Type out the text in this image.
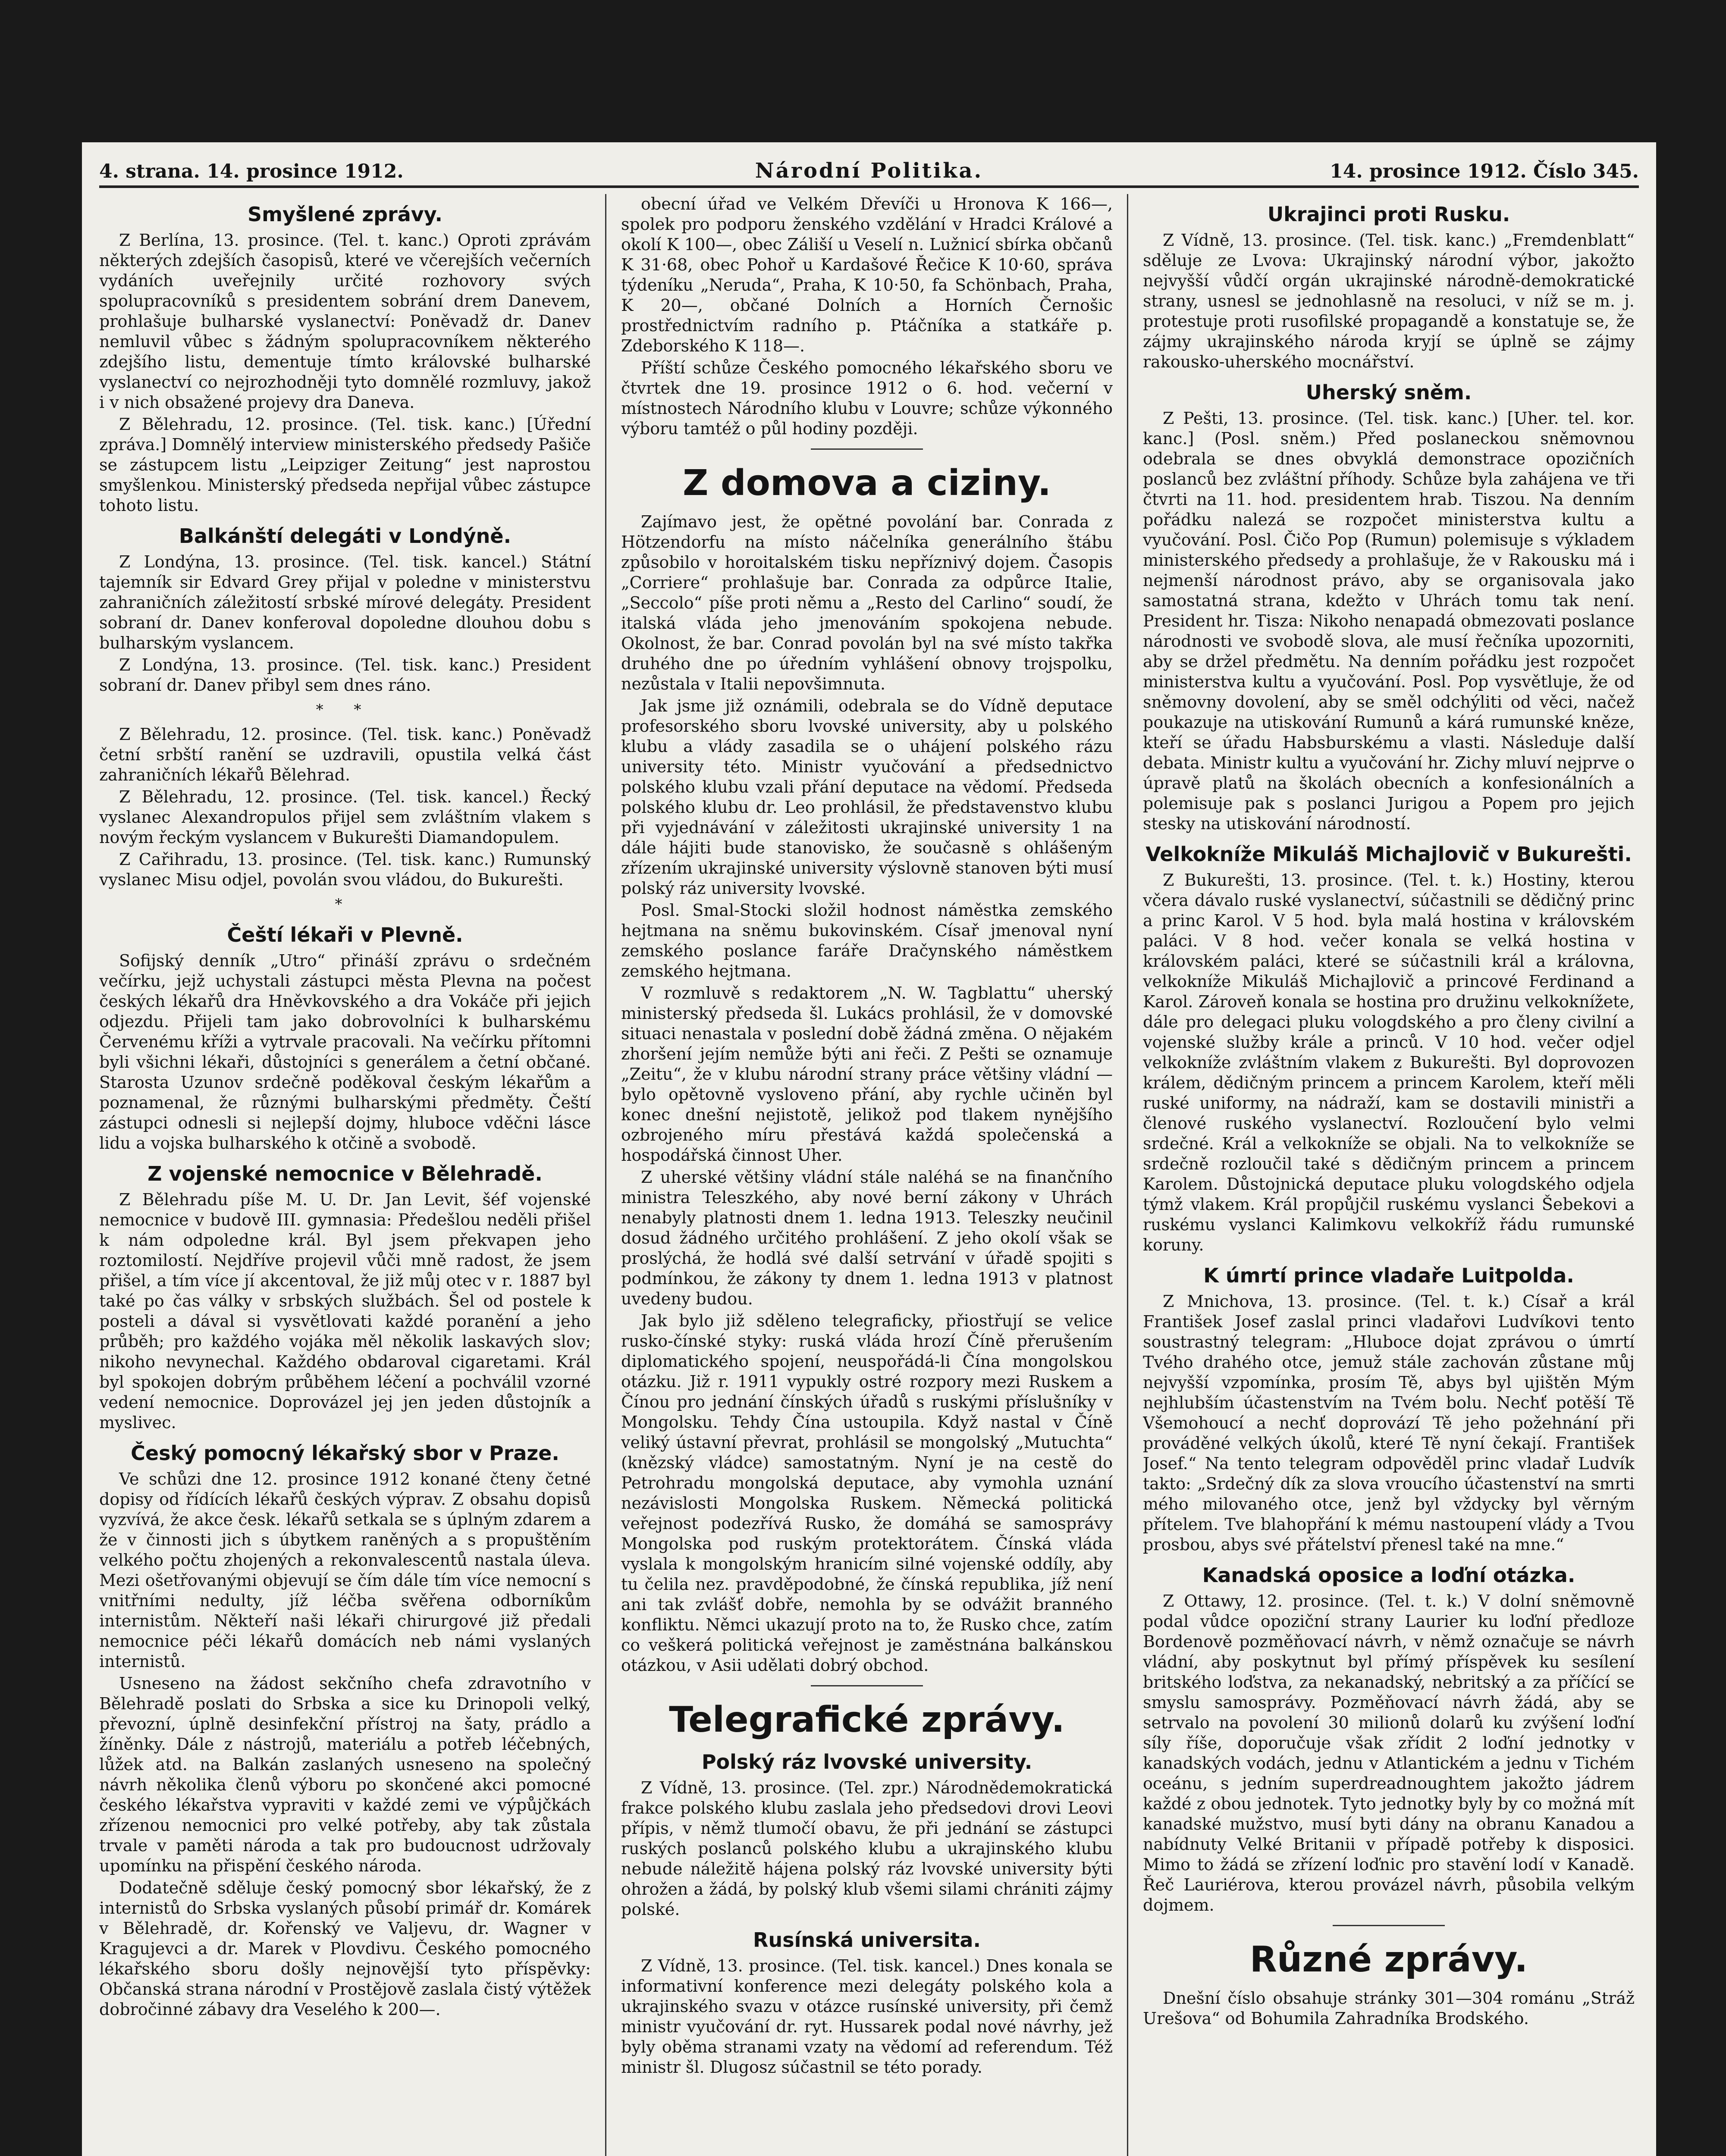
4. strana. 14. prosince 1912.	Národní Politika.	14. prosince 1912. Číslo 345.
Smyšlené zprávy.

Z Berlína, 13. prosince. (Tel. t. kanc.) Oproti zprávám některých zdejších časopisů, které ve včerejších večerních vydáních uveřejnily určité rozhovory svých spolupracovníků s presidentem sobrání drem Danevem, prohlašuje bulharské vyslanectví: Poněvadž dr. Danev nemluvil vůbec s žádným spolupracovníkem některého zdejšího listu, dementuje tímto královské bulharské vyslanectví co nejrozhodněji tyto domnělé rozmluvy, jakož i v nich obsažené projevy dra Daneva.

Z Bělehradu, 12. prosince. (Tel. tisk. kanc.) [Úřední zpráva.] Domnělý interview ministerského předsedy Pašiče se zástupcem listu „Leipziger Zeitung“ jest naprostou smyšlenkou. Ministerský předseda nepřijal vůbec zástupce tohoto listu.

Balkánští delegáti v Londýně.

Z Londýna, 13. prosince. (Tel. tisk. kancel.) Státní tajemník sir Edvard Grey přijal v poledne v ministerstvu zahraničních záležitostí srbské mírové delegáty. President sobraní dr. Danev konferoval dopoledne dlouhou dobu s bulharským vyslancem.

Z Londýna, 13. prosince. (Tel. tisk. kanc.) President sobraní dr. Danev přibyl sem dnes ráno.

* *

Z Bělehradu, 12. prosince. (Tel. tisk. kanc.) Poněvadž četní srbští ranění se uzdravili, opustila velká část zahraničních lékařů Bělehrad.

Z Bělehradu, 12. prosince. (Tel. tisk. kancel.) Řecký vyslanec Alexandropulos přijel sem zvláštním vlakem s novým řeckým vyslancem v Bukurešti Diamandopulem.

Z Cařihradu, 13. prosince. (Tel. tisk. kanc.) Rumunský vyslanec Misu odjel, povolán svou vládou, do Bukurešti.

*
Čeští lékaři v Plevně.

Sofijský denník „Utro“ přináší zprávu o srdečném večírku, jejž uchystali zástupci města Plevna na počest českých lékařů dra Hněvkovského a dra Vokáče při jejich odjezdu. Přijeli tam jako dobrovolníci k bulharskému Červenému kříži a vytrvale pracovali. Na večírku přítomni byli všichni lékaři, důstojníci s generálem a četní občané. Starosta Uzunov srdečně poděkoval českým lékařům a poznamenal, že různými bulharskými předměty. Čeští zástupci odnesli si nejlepší dojmy, hluboce vděčni lásce lidu a vojska bulharského k otčině a svobodě.

Z vojenské nemocnice v Bělehradě.

Z Bělehradu píše M. U. Dr. Jan Levit, šéf vojenské nemocnice v budově III. gymnasia: Předešlou neděli přišel k nám odpoledne král. Byl jsem překvapen jeho roztomilostí. Nejdříve projevil vůči mně radost, že jsem přišel, a tím více jí akcentoval, že již můj otec v r. 1887 byl také po čas války v srbských službách. Šel od postele k posteli a dával si vysvětlovati každé poranění a jeho průběh; pro každého vojáka měl několik laskavých slov; nikoho nevynechal. Každého obdaroval cigaretami. Král byl spokojen dobrým průběhem léčení a pochválil vzorné vedení nemocnice. Doprovázel jej jen jeden důstojník a myslivec.

Český pomocný lékařský sbor v Praze.

Ve schůzi dne 12. prosince 1912 konané čteny četné dopisy od řídících lékařů českých výprav. Z obsahu dopisů vyzvívá, že akce česk. lékařů setkala se s úplným zdarem a že v činnosti jich s úbytkem raněných a s propuštěním velkého počtu zhojených a rekonvalescentů nastala úleva. Mezi ošetřovanými objevují se čím dále tím více nemocní s vnitřními nedulty, jíž léčba svěřena odborníkům internistům. Někteří naši lékaři chirurgové již předali nemocnice péči lékařů domácích neb námi vyslaných internistů.

Usneseno na žádost sekčního chefa zdravotního v Bělehradě poslati do Srbska a sice ku Drinopoli velký, převozní, úplně desinfekční přístroj na šaty, prádlo a žíněnky. Dále z nástrojů, materiálu a potřeb léčebných, lůžek atd. na Balkán zaslaných usneseno na společný návrh několika členů výboru po skončené akci pomocné českého lékařstva vypraviti v každé zemi ve výpůjčkách zřízenou nemocnici pro velké potřeby, aby tak zůstala trvale v paměti národa a tak pro budoucnost udržovaly upomínku na přispění českého národa.

Dodatečně sděluje český pomocný sbor lékařský, že z internistů do Srbska vyslaných působí primář dr. Komárek v Bělehradě, dr. Kořenský ve Valjevu, dr. Wagner v Kragujevci a dr. Marek v Plovdivu. Českého pomocného lékařského sboru došly nejnovější tyto příspěvky: Občanská strana národní v Prostějově zaslala čistý výtěžek dobročinné zábavy dra Veselého k 200—.

obecní úřad ve Velkém Dřevíči u Hronova K 166—, spolek pro podporu ženského vzdělání v Hradci Králové a okolí K 100—, obec Záliší u Veselí n. Lužnicí sbírka občanů K 31·68, obec Pohoř u Kardašové Řečice K 10·60, správa týdeníku „Neruda“, Praha, K 10·50, fa Schönbach, Praha, K 20—, občané Dolních a Horních Černošic prostřednictvím radního p. Ptáčníka a statkáře p. Zdeborského K 118—.

Příští schůze Českého pomocného lékařského sboru ve čtvrtek dne 19. prosince 1912 o 6. hod. večerní v místnostech Národního klubu v Louvre; schůze výkonného výboru tamtéž o půl hodiny později.

Z domova a ciziny.

Zajímavo jest, že opětné povolání bar. Conrada z Hötzendorfu na místo náčelníka generálního štábu způsobilo v horoitalském tisku nepříznivý dojem. Časopis „Corriere“ prohlašuje bar. Conrada za odpůrce Italie, „Seccolo“ píše proti němu a „Resto del Carlino“ soudí, že italská vláda jeho jmenováním spokojena nebude. Okolnost, že bar. Conrad povolán byl na své místo takřka druhého dne po úředním vyhlášení obnovy trojspolku, nezůstala v Italii nepovšimnuta.

Jak jsme již oznámili, odebrala se do Vídně deputace profesorského sboru lvovské university, aby u polského klubu a vlády zasadila se o uhájení polského rázu university této. Ministr vyučování a předsednictvo polského klubu vzali přání deputace na vědomí. Předseda polského klubu dr. Leo prohlásil, že představenstvo klubu při vyjednávání v záležitosti ukrajinské university 1 na dále hájiti bude stanovisko, že současně s ohlášeným zřízením ukrajinské university výslovně stanoven býti musí polský ráz university lvovské.

Posl. Smal-Stocki složil hodnost náměstka zemského hejtmana na sněmu bukovinském. Císař jmenoval nyní zemského poslance faráře Dračynského náměstkem zemského hejtmana.

V rozmluvě s redaktorem „N. W. Tagblattu“ uherský ministerský předseda šl. Lukács prohlásil, že v domovské situaci nenastala v poslední době žádná změna. O nějakém zhoršení jejím nemůže býti ani řeči. Z Pešti se oznamuje „Zeitu“, že v klubu národní strany práce většiny vládní — bylo opětovně vysloveno přání, aby rychle učiněn byl konec dnešní nejistotě, jelikož pod tlakem nynějšího ozbrojeného míru přestává každá společenská a hospodářská činnost Uher.

Z uherské většiny vládní stále naléhá se na finančního ministra Teleszkého, aby nové berní zákony v Uhrách nenabyly platnosti dnem 1. ledna 1913. Teleszky neučinil dosud žádného určitého prohlášení. Z jeho okolí však se proslýchá, že hodlá své další setrvání v úřadě spojiti s podmínkou, že zákony ty dnem 1. ledna 1913 v platnost uvedeny budou.

Jak bylo již sděleno telegraficky, přiostřují se velice rusko-čínské styky: ruská vláda hrozí Číně přerušením diplomatického spojení, neuspořádá-li Čína mongolskou otázku. Již r. 1911 vypukly ostré rozpory mezi Ruskem a Čínou pro jednání čínských úřadů s ruskými příslušníky v Mongolsku. Tehdy Čína ustoupila. Když nastal v Číně veliký ústavní převrat, prohlásil se mongolský „Mutuchta“ (knězský vládce) samostatným. Nyní je na cestě do Petrohradu mongolská deputace, aby vymohla uznání nezávislosti Mongolska Ruskem. Německá politická veřejnost podezřívá Rusko, že domáhá se samosprávy Mongolska pod ruským protektorátem. Čínská vláda vyslala k mongolským hranicím silné vojenské oddíly, aby tu čelila nez. pravděpodobné, že čínská republika, jíž není ani tak zvlášť dobře, nemohla by se odvážit branného konfliktu. Němci ukazují proto na to, že Rusko chce, zatím co veškerá politická veřejnost je zaměstnána balkánskou otázkou, v Asii udělati dobrý obchod.

Telegrafické zprávy.
Polský ráz lvovské university.

Z Vídně, 13. prosince. (Tel. zpr.) Národnědemokratická frakce polského klubu zaslala jeho předsedovi drovi Leovi přípis, v němž tlumočí obavu, že při jednání se zástupci ruských poslanců polského klubu a ukrajinského klubu nebude náležitě hájena polský ráz lvovské university býti ohrožen a žádá, by polský klub všemi silami chrániti zájmy polské.

Rusínská universita.

Z Vídně, 13. prosince. (Tel. tisk. kancel.) Dnes konala se informativní konference mezi delegáty polského kola a ukrajinského svazu v otázce rusínské university, při čemž ministr vyučování dr. ryt. Hussarek podal nové návrhy, jež byly oběma stranami vzaty na vědomí ad referendum. Též ministr šl. Dlugosz súčastnil se této porady.

Ukrajinci proti Rusku.

Z Vídně, 13. prosince. (Tel. tisk. kanc.) „Fremdenblatt“ sděluje ze Lvova: Ukrajinský národní výbor, jakožto nejvyšší vůdčí orgán ukrajinské národně-demokratické strany, usnesl se jednohlasně na resoluci, v níž se m. j. protestuje proti rusofilské propagandě a konstatuje se, že zájmy ukrajinského národa kryjí se úplně se zájmy rakousko-uherského mocnářství.

Uherský sněm.

Z Pešti, 13. prosince. (Tel. tisk. kanc.) [Uher. tel. kor. kanc.] (Posl. sněm.) Před poslaneckou sněmovnou odebrala se dnes obvyklá demonstrace opozičních poslanců bez zvláštní příhody. Schůze byla zahájena ve tři čtvrti na 11. hod. presidentem hrab. Tiszou. Na denním pořádku nalezá se rozpočet ministerstva kultu a vyučování. Posl. Čičo Pop (Rumun) polemisuje s výkladem ministerského předsedy a prohlašuje, že v Rakousku má i nejmenší národnost právo, aby se organisovala jako samostatná strana, kdežto v Uhrách tomu tak není. President hr. Tisza: Nikoho nenapadá obmezovati poslance národnosti ve svobodě slova, ale musí řečníka upozorniti, aby se držel předmětu. Na denním pořádku jest rozpočet ministerstva kultu a vyučování. Posl. Pop vysvětluje, že od sněmovny dovolení, aby se směl odchýliti od věci, načež poukazuje na utiskování Rumunů a kárá rumunské kněze, kteří se úřadu Habsburskému a vlasti. Následuje další debata. Ministr kultu a vyučování hr. Zichy mluví nejprve o úpravě platů na školách obecních a konfesionálních a polemisuje pak s poslanci Jurigou a Popem pro jejich stesky na utiskování národností.

Velkokníže Mikuláš Michajlovič v Bukurešti.

Z Bukurešti, 13. prosince. (Tel. t. k.) Hostiny, kterou včera dávalo ruské vyslanectví, súčastnili se dědičný princ a princ Karol. V 5 hod. byla malá hostina v královském paláci. V 8 hod. večer konala se velká hostina v královském paláci, které se súčastnili král a královna, velkokníže Mikuláš Michajlovič a princové Ferdinand a Karol. Zároveň konala se hostina pro družinu velkoknížete, dále pro delegaci pluku vologdského a pro členy civilní a vojenské služby krále a princů. V 10 hod. večer odjel velkokníže zvláštním vlakem z Bukurešti. Byl doprovozen králem, dědičným princem a princem Karolem, kteří měli ruské uniformy, na nádraží, kam se dostavili ministři a členové ruského vyslanectví. Rozloučení bylo velmi srdečné. Král a velkokníže se objali. Na to velkokníže se srdečně rozloučil také s dědičným princem a princem Karolem. Důstojnická deputace pluku vologdského odjela týmž vlakem. Král propůjčil ruskému vyslanci Šebekovi a ruskému vyslanci Kalimkovu velkokříž řádu rumunské koruny.

K úmrtí prince vladaře Luitpolda.

Z Mnichova, 13. prosince. (Tel. t. k.) Císař a král František Josef zaslal princi vladařovi Ludvíkovi tento soustrastný telegram: „Hluboce dojat zprávou o úmrtí Tvého drahého otce, jemuž stále zachován zůstane můj nejvyšší vzpomínka, prosím Tě, abys byl ujištěn Mým nejhlubším účastenstvím na Tvém bolu. Nechť potěší Tě Všemohoucí a nechť doprovází Tě jeho požehnání při prováděné velkých úkolů, které Tě nyní čekají. František Josef.“ Na tento telegram odpověděl princ vladař Ludvík takto: „Srdečný dík za slova vroucího účastenství na smrti mého milovaného otce, jenž byl vždycky byl věrným přítelem. Tve blahopřání k mému nastoupení vlády a Tvou prosbou, abys své přátelství přenesl také na mne.“

Kanadská oposice a loďní otázka.

Z Ottawy, 12. prosince. (Tel. t. k.) V dolní sněmovně podal vůdce opoziční strany Laurier ku loďní předloze Bordenově pozměňovací návrh, v němž označuje se návrh vládní, aby poskytnut byl přímý příspěvek ku sesílení britského loďstva, za nekanadský, nebritský a za příčící se smyslu samosprávy. Pozměňovací návrh žádá, aby se setrvalo na povolení 30 milionů dolarů ku zvýšení loďní síly říše, doporučuje však zřídit 2 loďní jednotky v kanadských vodách, jednu v Atlantickém a jednu v Tichém oceánu, s jedním superdreadnoughtem jakožto jádrem každé z obou jednotek. Tyto jednotky byly by co možná mít kanadské mužstvo, musí byti dány na obranu Kanadou a nabídnuty Velké Britanii v případě potřeby k disposici. Mimo to žádá se zřízení loďnic pro stavění lodí v Kanadě. Řeč Lauriérova, kterou provázel návrh, působila velkým dojmem.

Různé zprávy.

Dnešní číslo obsahuje stránky 301—304 románu „Stráž Urešova“ od Bohumila Zahradníka Brodského.
